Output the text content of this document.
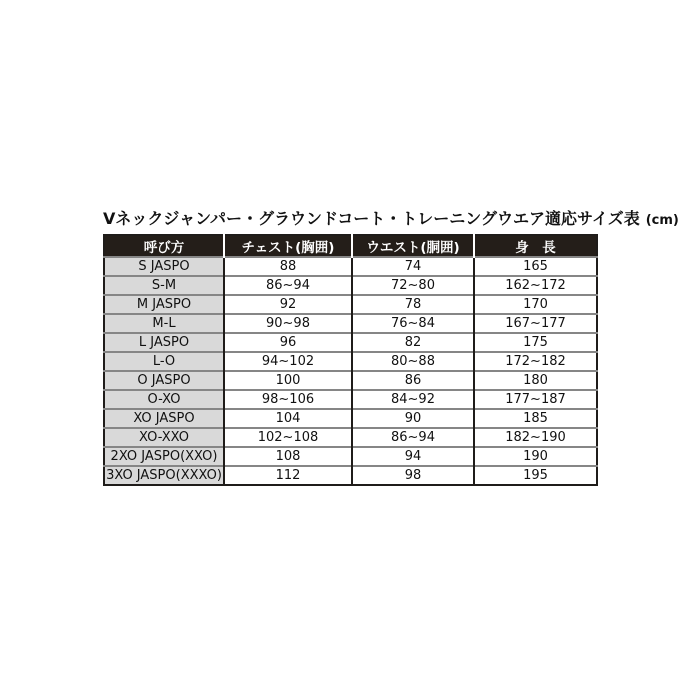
Vネックジャンパー・グラウンドコート・トレーニングウエア適応サイズ表 (cm)
呼び方	チェスト(胸囲)	ウエスト(胴囲)	身　長
S JASPO	88	74	165
S-M	86~94	72~80	162~172
M JASPO	92	78	170
M-L	90~98	76~84	167~177
L JASPO	96	82	175
L-O	94~102	80~88	172~182
O JASPO	100	86	180
O-XO	98~106	84~92	177~187
XO JASPO	104	90	185
XO-XXO	102~108	86~94	182~190
2XO JASPO(XXO)	108	94	190
3XO JASPO(XXXO)	112	98	195
